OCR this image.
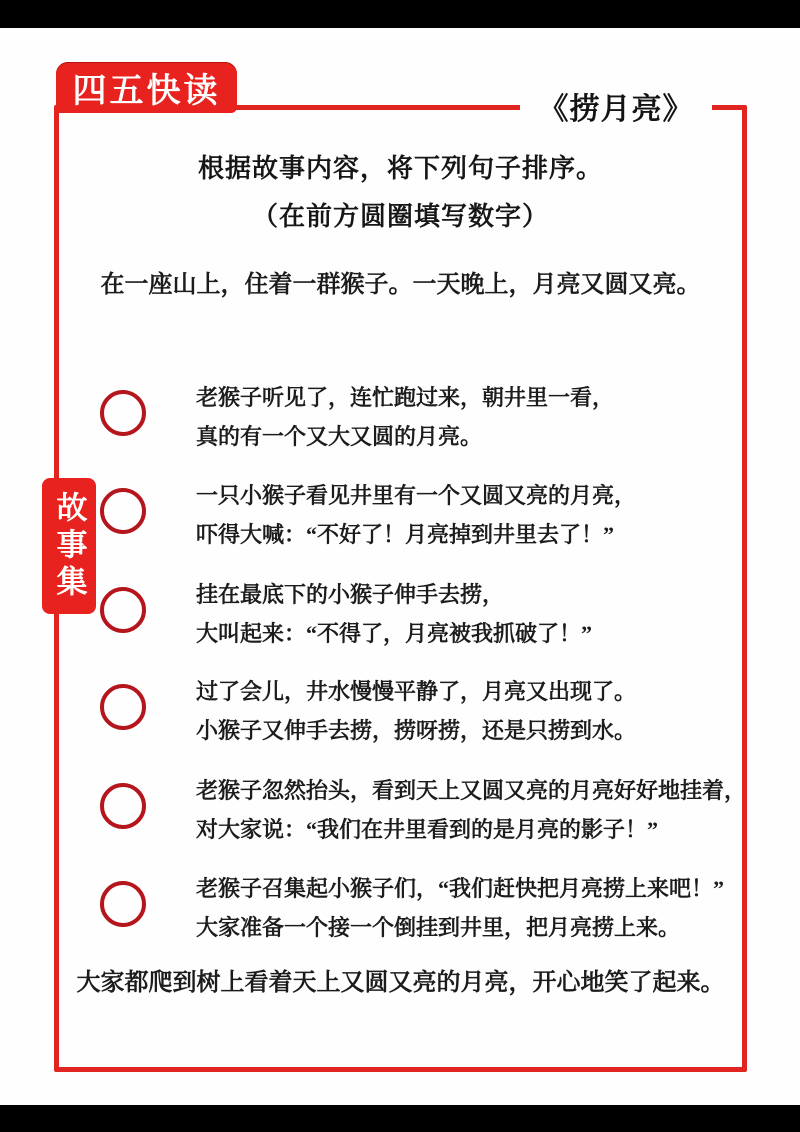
《捞月亮》
四五快读
故事集
根据故事内容，将下列句子排序。
（在前方圆圈填写数字）
在一座山上，住着一群猴子。一天晚上，月亮又圆又亮。
老猴子听见了，连忙跑过来，朝井里一看，
真的有一个又大又圆的月亮。
一只小猴子看见井里有一个又圆又亮的月亮，
吓得大喊：“不好了！月亮掉到井里去了！”
挂在最底下的小猴子伸手去捞，
大叫起来：“不得了，月亮被我抓破了！”
过了会儿，井水慢慢平静了，月亮又出现了。
小猴子又伸手去捞，捞呀捞，还是只捞到水。
老猴子忽然抬头，看到天上又圆又亮的月亮好好地挂着，
对大家说：“我们在井里看到的是月亮的影子！”
老猴子召集起小猴子们，“我们赶快把月亮捞上来吧！”
大家准备一个接一个倒挂到井里，把月亮捞上来。
大家都爬到树上看着天上又圆又亮的月亮，开心地笑了起来。
